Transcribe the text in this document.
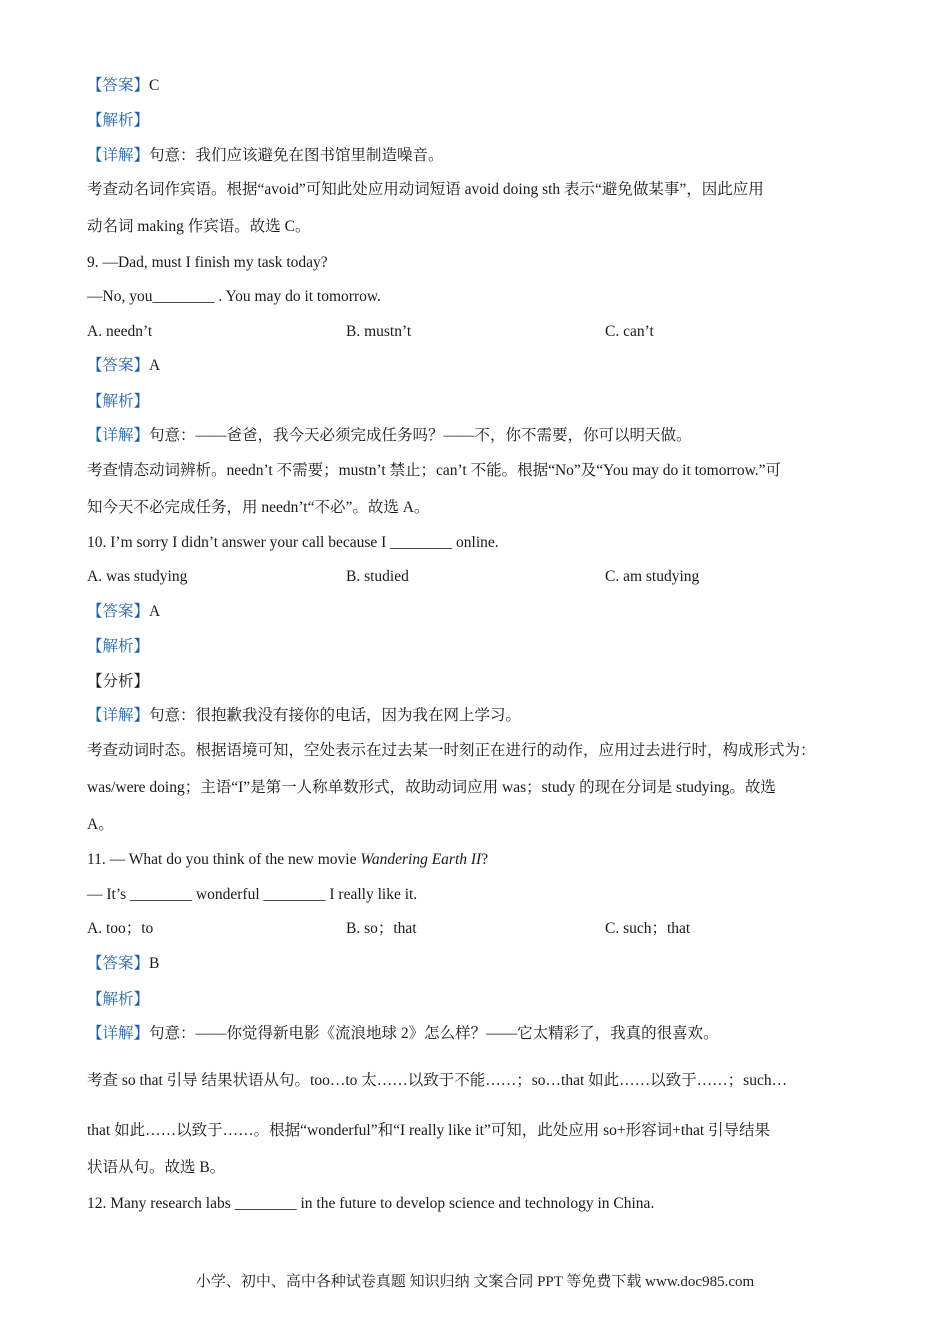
【答案】C
【解析】
【详解】句意：我们应该避免在图书馆里制造噪音。
考查动名词作宾语。根据“avoid”可知此处应用动词短语 avoid doing sth 表示“避免做某事”，因此应用
动名词 making 作宾语。故选 C。
9. —Dad, must I finish my task today?
—No, you________ . You may do it tomorrow.
A. needn’t	B. mustn’t	C. can’t
【答案】A
【解析】
【详解】句意：——爸爸，我今天必须完成任务吗？——不，你不需要，你可以明天做。
考查情态动词辨析。needn’t 不需要；mustn’t 禁止；can’t 不能。根据“No”及“You may do it tomorrow.”可
知今天不必完成任务，用 needn’t“不必”。故选 A。
10. I’m sorry I didn’t answer your call because I ________ online.
A. was studying	B. studied	C. am studying
【答案】A
【解析】
【分析】
【详解】句意：很抱歉我没有接你的电话，因为我在网上学习。
考查动词时态。根据语境可知，空处表示在过去某一时刻正在进行的动作，应用过去进行时，构成形式为：
was/were doing；主语“I”是第一人称单数形式，故助动词应用 was；study 的现在分词是 studying。故选
A。
11. — What do you think of the new movie Wandering Earth II?
— It’s ________ wonderful ________ I really like it.
A. too；to	B. so；that	C. such；that
【答案】B
【解析】
【详解】句意：——你觉得新电影《流浪地球 2》怎么样？——它太精彩了，我真的很喜欢。
考查 so that 引导 结果状语从句。too…to 太……以致于不能……；so…that 如此……以致于……；such…
that 如此……以致于……。根据“wonderful”和“I really like it”可知，此处应用 so+形容词+that 引导结果
状语从句。故选 B。
12. Many research labs ________ in the future to develop science and technology in China.
小学、初中、高中各种试卷真题 知识归纳 文案合同 PPT 等免费下载 www.doc985.com
